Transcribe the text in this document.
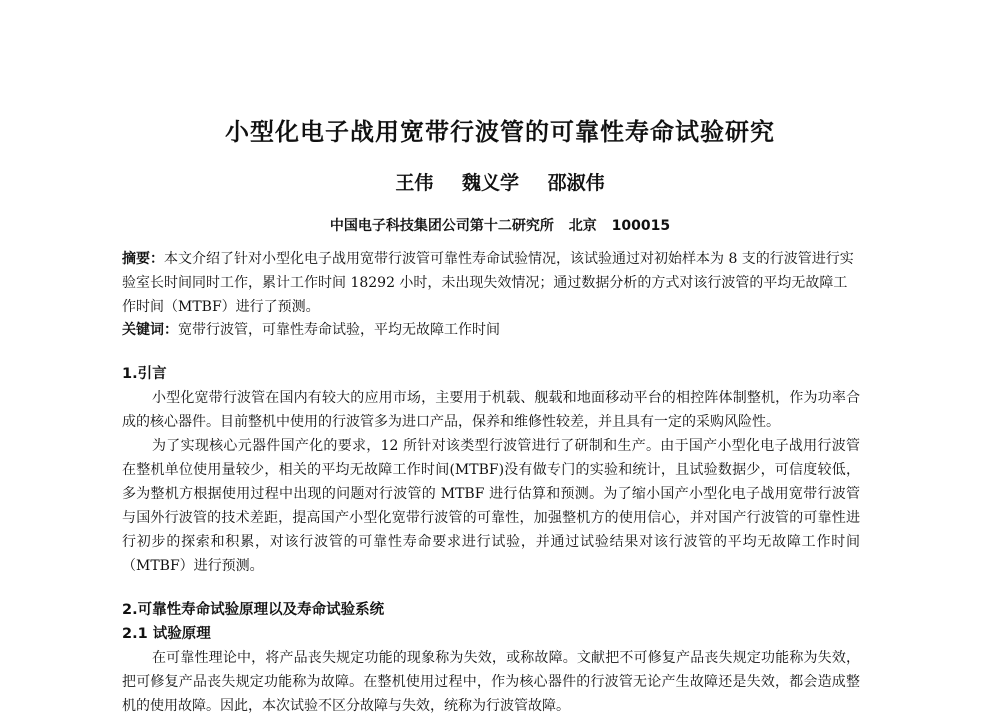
小型化电子战用宽带行波管的可靠性寿命试验研究
王伟 魏义学 邵淑伟
中国电子科技集团公司第十二研究所 北京 100015
摘要：本文介绍了针对小型化电子战用宽带行波管可靠性寿命试验情况，该试验通过对初始样本为 8 支的行波管进行实验室长时间同时工作，累计工作时间 18292 小时，未出现失效情况；通过数据分析的方式对该行波管的平均无故障工作时间（MTBF）进行了预测。
关键词：宽带行波管，可靠性寿命试验，平均无故障工作时间

1.引言

小型化宽带行波管在国内有较大的应用市场，主要用于机载、舰载和地面移动平台的相控阵体制整机，作为功率合成的核心器件。目前整机中使用的行波管多为进口产品，保养和维修性较差，并且具有一定的采购风险性。

为了实现核心元器件国产化的要求，12 所针对该类型行波管进行了研制和生产。由于国产小型化电子战用行波管在整机单位使用量较少，相关的平均无故障工作时间(MTBF)没有做专门的实验和统计，且试验数据少，可信度较低，多为整机方根据使用过程中出现的问题对行波管的 MTBF 进行估算和预测。为了缩小国产小型化电子战用宽带行波管与国外行波管的技术差距，提高国产小型化宽带行波管的可靠性，加强整机方的使用信心，并对国产行波管的可靠性进行初步的探索和积累，对该行波管的可靠性寿命要求进行试验，并通过试验结果对该行波管的平均无故障工作时间（MTBF）进行预测。

2.可靠性寿命试验原理以及寿命试验系统

2.1 试验原理

在可靠性理论中，将产品丧失规定功能的现象称为失效，或称故障。文献把不可修复产品丧失规定功能称为失效，把可修复产品丧失规定功能称为故障。在整机使用过程中，作为核心器件的行波管无论产生故障还是失效，都会造成整机的使用故障。因此，本次试验不区分故障与失效，统称为行波管故障。
